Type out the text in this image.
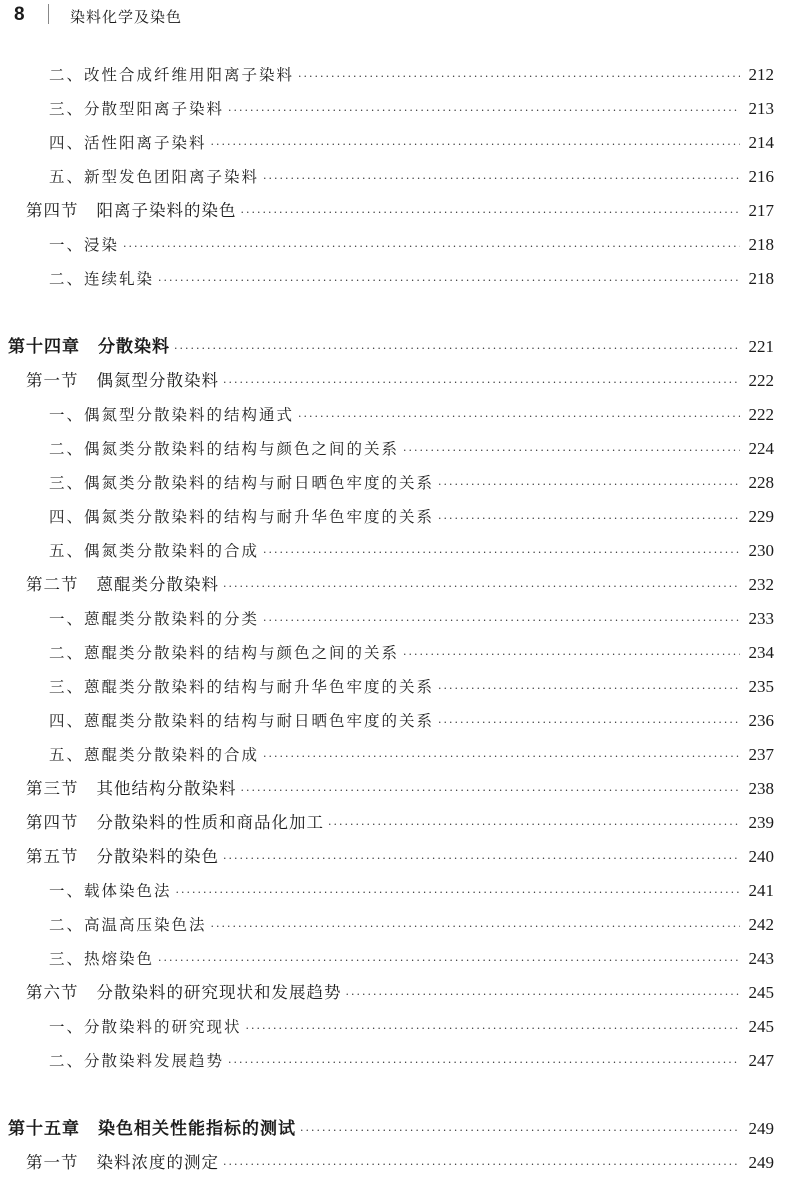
8	染料化学及染色
二、改性合成纤维用阳离子染料 ·····	212
三、分散型阳离子染料 ·····	213
四、活性阳离子染料 ·····	214
五、新型发色团阳离子染料 ·····	216
第四节 阳离子染料的染色 ·····	217
一、浸染 ·····	218
二、连续轧染 ·····	218
第十四章 分散染料 ·····	221
第一节 偶氮型分散染料 ·····	222
一、偶氮型分散染料的结构通式 ·····	222
二、偶氮类分散染料的结构与颜色之间的关系 ·····	224
三、偶氮类分散染料的结构与耐日晒色牢度的关系 ·····	228
四、偶氮类分散染料的结构与耐升华色牢度的关系 ·····	229
五、偶氮类分散染料的合成 ·····	230
第二节 蒽醌类分散染料 ·····	232
一、蒽醌类分散染料的分类 ·····	233
二、蒽醌类分散染料的结构与颜色之间的关系 ·····	234
三、蒽醌类分散染料的结构与耐升华色牢度的关系 ·····	235
四、蒽醌类分散染料的结构与耐日晒色牢度的关系 ·····	236
五、蒽醌类分散染料的合成 ·····	237
第三节 其他结构分散染料 ·····	238
第四节 分散染料的性质和商品化加工 ·····	239
第五节 分散染料的染色 ·····	240
一、载体染色法 ·····	241
二、高温高压染色法 ·····	242
三、热熔染色 ·····	243
第六节 分散染料的研究现状和发展趋势 ·····	245
一、分散染料的研究现状 ·····	245
二、分散染料发展趋势 ·····	247
第十五章 染色相关性能指标的测试 ·····	249
第一节 染料浓度的测定 ·····	249
